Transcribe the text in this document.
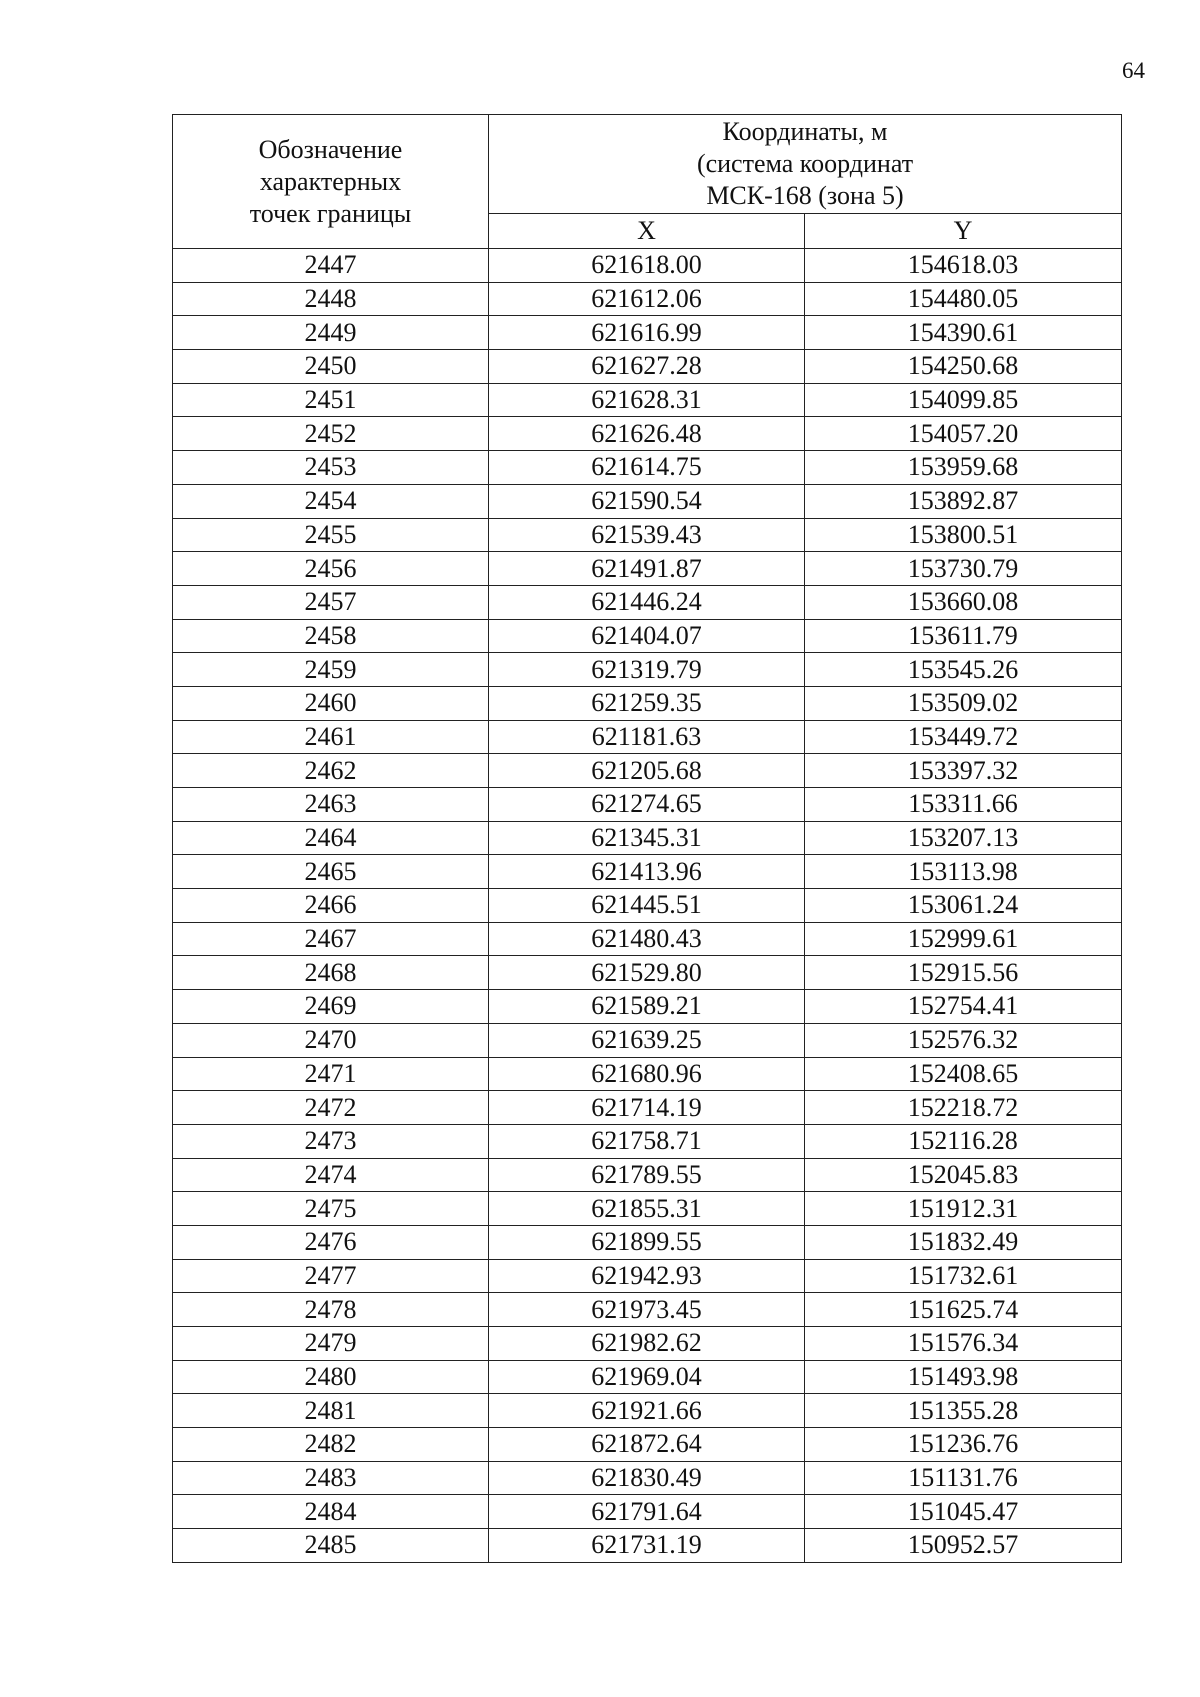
64
Обозначение
характерных
точек границы	Координаты, м
(система координат
МСК-168 (зона 5)	

	X	Y
2447	621618.00	154618.03
2448	621612.06	154480.05
2449	621616.99	154390.61
2450	621627.28	154250.68
2451	621628.31	154099.85
2452	621626.48	154057.20
2453	621614.75	153959.68
2454	621590.54	153892.87
2455	621539.43	153800.51
2456	621491.87	153730.79
2457	621446.24	153660.08
2458	621404.07	153611.79
2459	621319.79	153545.26
2460	621259.35	153509.02
2461	621181.63	153449.72
2462	621205.68	153397.32
2463	621274.65	153311.66
2464	621345.31	153207.13
2465	621413.96	153113.98
2466	621445.51	153061.24
2467	621480.43	152999.61
2468	621529.80	152915.56
2469	621589.21	152754.41
2470	621639.25	152576.32
2471	621680.96	152408.65
2472	621714.19	152218.72
2473	621758.71	152116.28
2474	621789.55	152045.83
2475	621855.31	151912.31
2476	621899.55	151832.49
2477	621942.93	151732.61
2478	621973.45	151625.74
2479	621982.62	151576.34
2480	621969.04	151493.98
2481	621921.66	151355.28
2482	621872.64	151236.76
2483	621830.49	151131.76
2484	621791.64	151045.47
2485	621731.19	150952.57
